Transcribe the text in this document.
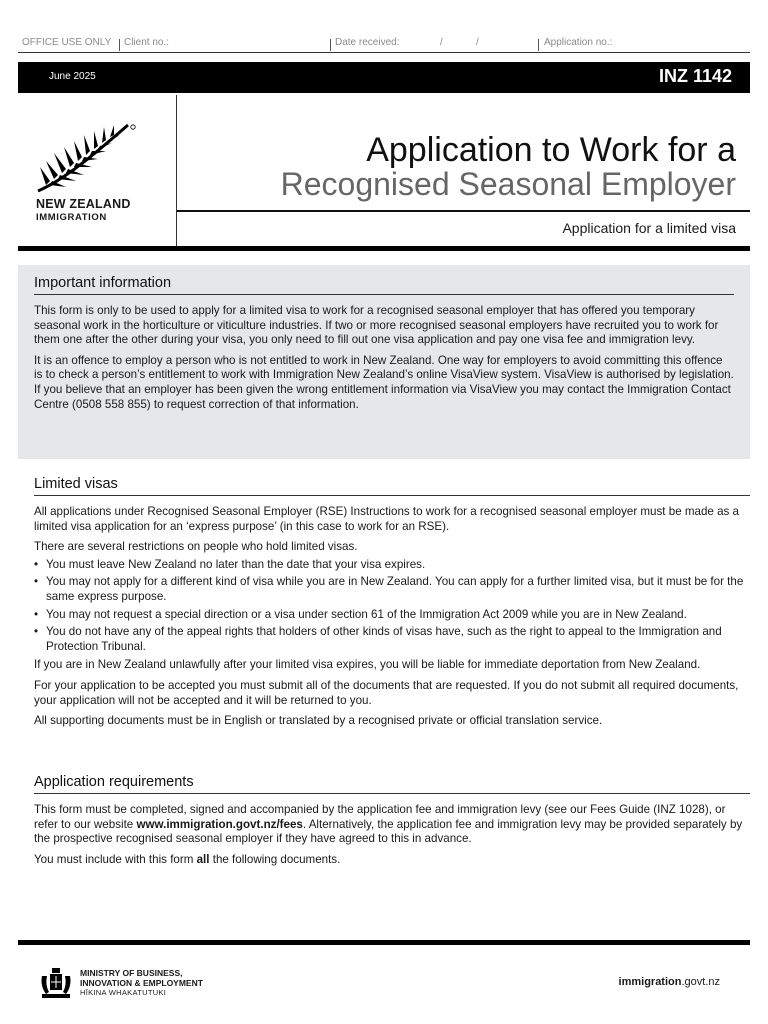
OFFICE USE ONLY Client no.:	Date received:	/	/	Application no.:
June 2025	INZ 1142
NEW ZEALAND
IMMIGRATION
Application to Work for a
Recognised Seasonal Employer
Application for a limited visa
Important information

This form is only to be used to apply for a limited visa to work for a recognised seasonal employer that has offered you temporary seasonal work in the horticulture or viticulture industries. If two or more recognised seasonal employers have recruited you to work for them one after the other during your visa, you only need to fill out one visa application and pay one visa fee and immigration levy.

It is an offence to employ a person who is not entitled to work in New Zealand. One way for employers to avoid committing this offence is to check a person’s entitlement to work with Immigration New Zealand’s online VisaView system. VisaView is authorised by legislation. If you believe that an employer has been given the wrong entitlement information via VisaView you may contact the Immigration Contact Centre (0508 558 855) to request correction of that information.

Limited visas

All applications under Recognised Seasonal Employer (RSE) Instructions to work for a recognised seasonal employer must be made as a limited visa application for an ‘express purpose’ (in this case to work for an RSE).

There are several restrictions on people who hold limited visas.

• You must leave New Zealand no later than the date that your visa expires.
• You may not apply for a different kind of visa while you are in New Zealand. You can apply for a further limited visa, but it must be for the same express purpose.
• You may not request a special direction or a visa under section 61 of the Immigration Act 2009 while you are in New Zealand.
• You do not have any of the appeal rights that holders of other kinds of visas have, such as the right to appeal to the Immigration and Protection Tribunal.

If you are in New Zealand unlawfully after your limited visa expires, you will be liable for immediate deportation from New Zealand.

For your application to be accepted you must submit all of the documents that are requested. If you do not submit all required documents, your application will not be accepted and it will be returned to you.

All supporting documents must be in English or translated by a recognised private or official translation service.

Application requirements

This form must be completed, signed and accompanied by the application fee and immigration levy (see our Fees Guide (INZ 1028), or refer to our website www.immigration.govt.nz/fees. Alternatively, the application fee and immigration levy may be provided separately by the prospective recognised seasonal employer if they have agreed to this in advance.

You must include with this form all the following documents.

MINISTRY OF BUSINESS,
INNOVATION & EMPLOYMENT
HĪKINA WHAKATUTUKI
immigration.govt.nz
